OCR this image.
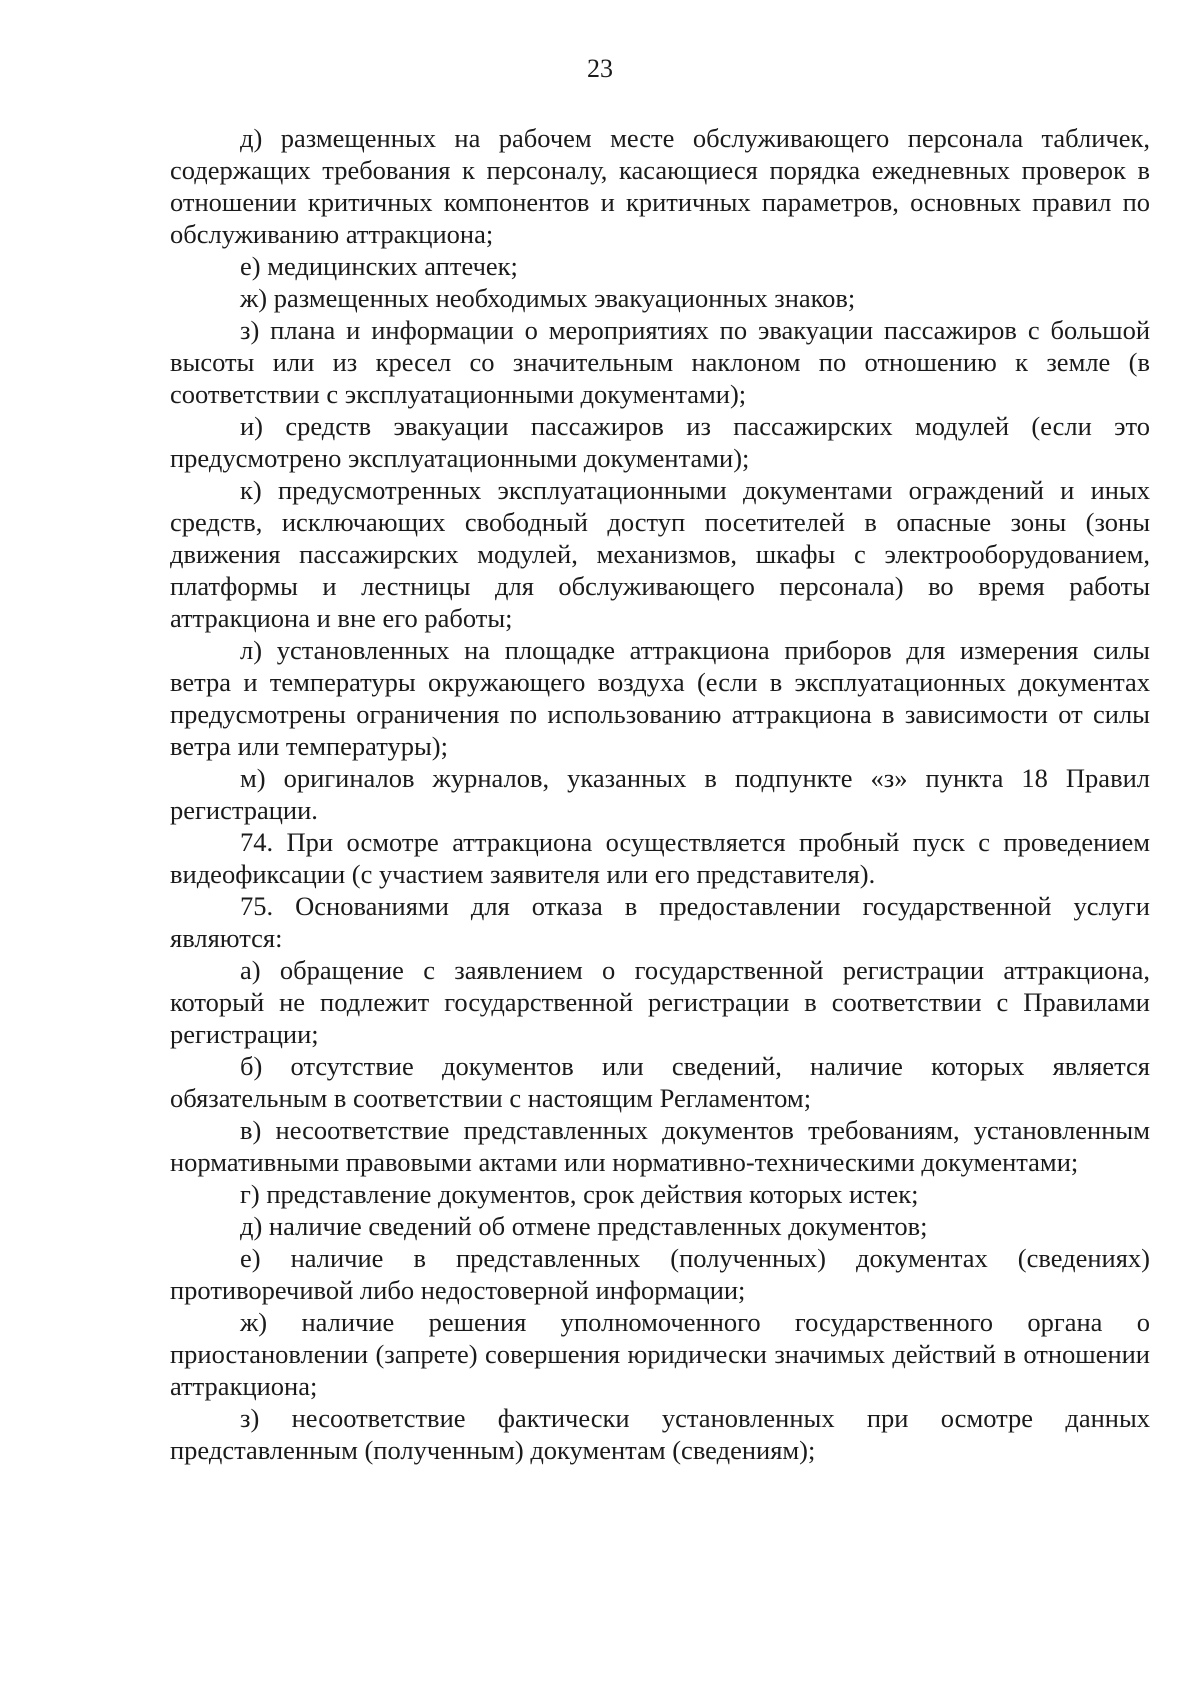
23

д) размещенных на рабочем месте обслуживающего персонала табличек, содержащих требования к персоналу, касающиеся порядка ежедневных проверок в отношении критичных компонентов и критичных параметров, основных правил по обслуживанию аттракциона;

е) медицинских аптечек;

ж) размещенных необходимых эвакуационных знаков;

з) плана и информации о мероприятиях по эвакуации пассажиров с большой высоты или из кресел со значительным наклоном по отношению к земле (в соответствии с эксплуатационными документами);

и) средств эвакуации пассажиров из пассажирских модулей (если это предусмотрено эксплуатационными документами);

к) предусмотренных эксплуатационными документами ограждений и иных средств, исключающих свободный доступ посетителей в опасные зоны (зоны движения пассажирских модулей, механизмов, шкафы с электрооборудованием, платформы и лестницы для обслуживающего персонала) во время работы аттракциона и вне его работы;

л) установленных на площадке аттракциона приборов для измерения силы ветра и температуры окружающего воздуха (если в эксплуатационных документах предусмотрены ограничения по использованию аттракциона в зависимости от силы ветра или температуры);

м) оригиналов журналов, указанных в подпункте «з» пункта 18 Правил регистрации.

74. При осмотре аттракциона осуществляется пробный пуск с проведением видеофиксации (с участием заявителя или его представителя).

75. Основаниями для отказа в предоставлении государственной услуги являются:

а) обращение с заявлением о государственной регистрации аттракциона, который не подлежит государственной регистрации в соответствии с Правилами регистрации;

б) отсутствие документов или сведений, наличие которых является обязательным в соответствии с настоящим Регламентом;

в) несоответствие представленных документов требованиям, установленным нормативными правовыми актами или нормативно-техническими документами;

г) представление документов, срок действия которых истек;

д) наличие сведений об отмене представленных документов;

е) наличие в представленных (полученных) документах (сведениях) противоречивой либо недостоверной информации;

ж) наличие решения уполномоченного государственного органа о приостановлении (запрете) совершения юридически значимых действий в отношении аттракциона;

з) несоответствие фактически установленных при осмотре данных представленным (полученным) документам (сведениям);
